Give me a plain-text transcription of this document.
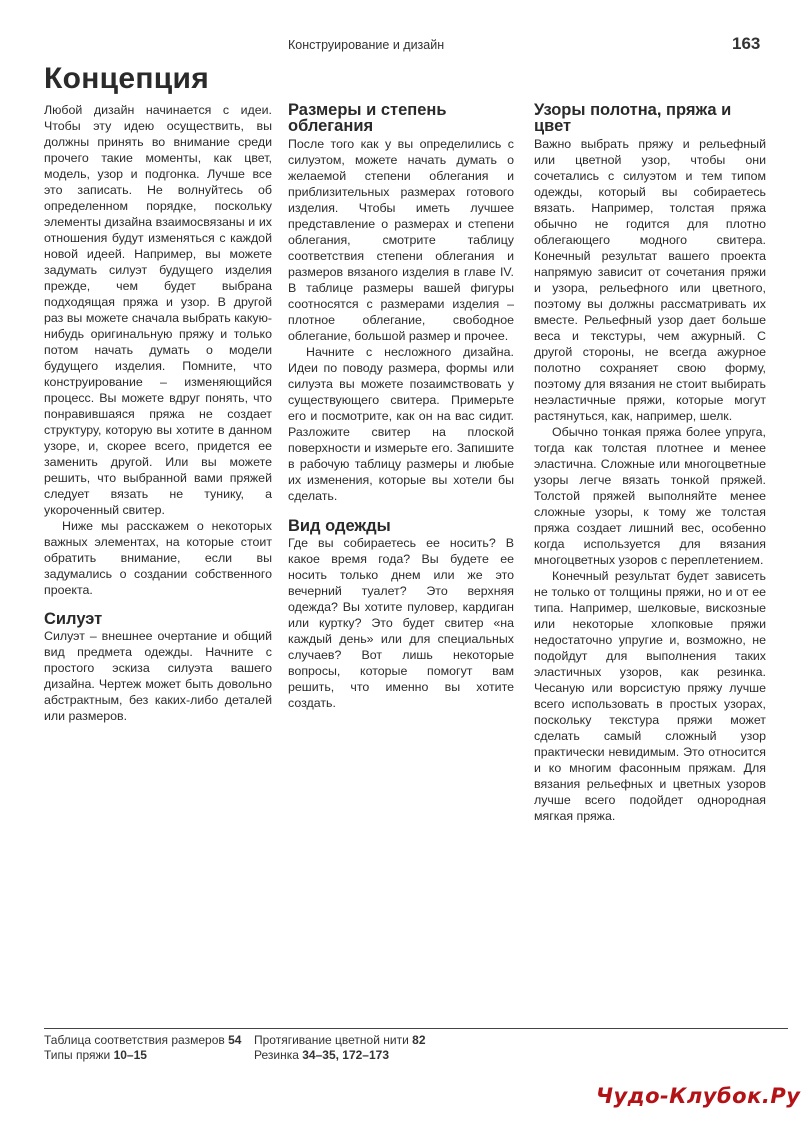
Конструирование и дизайн	163
Концепция

Любой дизайн начинается с идеи. Чтобы эту идею осуществить, вы должны принять во внимание среди прочего такие моменты, как цвет, модель, узор и подгонка. Лучше все это записать. Не волнуйтесь об определенном порядке, поскольку элементы дизайна взаимосвязаны и их отношения будут изменяться с каждой новой идеей. Например, вы можете задумать силуэт будущего изделия прежде, чем будет выбрана подходящая пряжа и узор. В другой раз вы можете сначала выбрать какую-нибудь оригинальную пряжу и только потом начать думать о модели будущего изделия. Помните, что конструирование – изменяющийся процесс. Вы можете вдруг понять, что понравившаяся пряжа не создает структуру, которую вы хотите в данном узоре, и, скорее всего, придется ее заменить другой. Или вы можете решить, что выбранной вами пряжей следует вязать не тунику, а укороченный свитер.

Ниже мы расскажем о некоторых важных элементах, на которые стоит обратить внимание, если вы задумались о создании собственного проекта.

Силуэт

Силуэт – внешнее очертание и общий вид предмета одежды. Начните с простого эскиза силуэта вашего дизайна. Чертеж может быть довольно абстрактным, без каких-либо деталей или размеров.

Размеры и степень облегания

После того как у вы определились с силуэтом, можете начать думать о желаемой степени облегания и приблизительных размерах готового изделия. Чтобы иметь лучшее представление о размерах и степени облегания, смотрите таблицу соответствия степени облегания и размеров вязаного изделия в главе IV. В таблице размеры вашей фигуры соотносятся с размерами изделия – плотное облегание, свободное облегание, большой размер и прочее.

Начните с несложного дизайна. Идеи по поводу размера, формы или силуэта вы можете позаимствовать у существующего свитера. Примерьте его и посмотрите, как он на вас сидит. Разложите свитер на плоской поверхности и измерьте его. Запишите в рабочую таблицу размеры и любые их изменения, которые вы хотели бы сделать.

Вид одежды

Где вы собираетесь ее носить? В какое время года? Вы будете ее носить только днем или же это вечерний туалет? Это верхняя одежда? Вы хотите пуловер, кардиган или куртку? Это будет свитер «на каждый день» или для специальных случаев? Вот лишь некоторые вопросы, которые помогут вам решить, что именно вы хотите создать.

Узоры полотна, пряжа и цвет

Важно выбрать пряжу и рельефный или цветной узор, чтобы они сочетались с силуэтом и тем типом одежды, который вы собираетесь вязать. Например, толстая пряжа обычно не годится для плотно облегающего модного свитера. Конечный результат вашего проекта напрямую зависит от сочетания пряжи и узора, рельефного или цветного, поэтому вы должны рассматривать их вместе. Рельефный узор дает больше веса и текстуры, чем ажурный. С другой стороны, не всегда ажурное полотно сохраняет свою форму, поэтому для вязания не стоит выбирать неэластичные пряжи, которые могут растянуться, как, например, шелк.

Обычно тонкая пряжа более упруга, тогда как толстая плотнее и менее эластична. Сложные или многоцветные узоры легче вязать тонкой пряжей. Толстой пряжей выполняйте менее сложные узоры, к тому же толстая пряжа создает лишний вес, особенно когда используется для вязания многоцветных узоров с переплетением.

Конечный результат будет зависеть не только от толщины пряжи, но и от ее типа. Например, шелковые, вискозные или некоторые хлопковые пряжи недостаточно упругие и, возможно, не подойдут для выполнения таких эластичных узоров, как резинка. Чесаную или ворсистую пряжу лучше всего использовать в простых узорах, поскольку текстура пряжи может сделать самый сложный узор практически невидимым. Это относится и ко многим фасонным пряжам. Для вязания рельефных и цветных узоров лучше всего подойдет однородная мягкая пряжа.

Таблица соответствия размеров 54
Типы пряжи 10–15
Протягивание цветной нити 82
Резинка 34–35, 172–173
Чудо-Клубок.Ру
